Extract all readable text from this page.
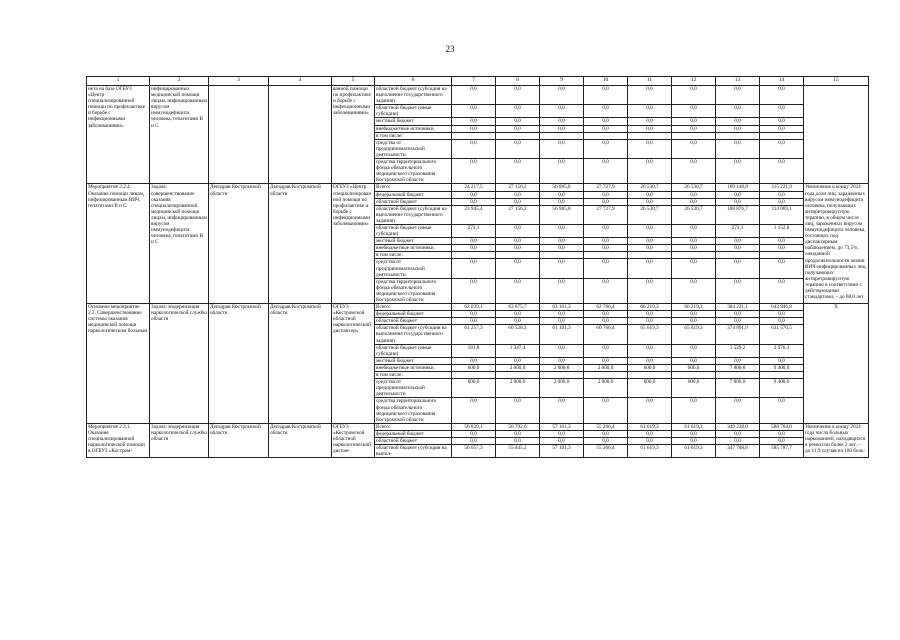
23
1	2	3	4	5	6	7	8	9	10	11	12	13	14	15
нета на базе ОГБУЗ «Центр специализированной помощи по профилактике и борьбе с инфекционными заболеваниями»	инфицированных медицинской помощи лицам, инфицированным вирусом иммунодефицита человека, гепатитами В и С			ванной помощи по профилактике и борьбе с инфекционными заболеваниями»	областной бюджет (субсидия на выполнение государственного задания)	0,0	0,0	0,0	0,0	0,0	0,0	0,0	0,0	
					областной бюджет (иные субсидии)	0,0	0,0	0,0	0,0	0,0	0,0	0,0	0,0	
					местный бюджет	0,0	0,0	0,0	0,0	0,0	0,0	0,0	0,0	
					внебюджетные источники,	0,0	0,0	0,0	0,0	0,0	0,0	0,0	0,0	
					в том числе:									
					средства от предпринимательской деятельности	0,0	0,0	0,0	0,0	0,0	0,0	0,0	0,0	
					средства территориального фонда обязательного медицинского страхования Костромской области	0,0	0,0	0,0	0,0	0,0	0,0	0,0	0,0	
Мероприятие 2.2.4. Оказание помощи лицам, инфицированным ВИЧ, гепатитами В и С	Задача: совершенствование оказания специализированной медицинской помощи лицам, инфицированным вирусом иммунодефицита человека, гепатитами В и С	Депздрав Костромской области	Депздрав Костромской области	ОГБУЗ «Центр специализированной помощи по профилактике и борьбе с инфекционными заболеваниями»	Всего:	24 217,5	27 156,2	56 985,8	27 727,9	26 530,7	26 530,7	189 148,8	315 221,9	Увеличение к концу 2024 года доли лиц, зараженных вирусом иммунодефицита человека, получающих антиретровирусную терапию, в общем числе лиц, зараженных вирусом иммунодефицита человека, состоящих под диспансерным наблюдением, до 73,5%, ожидаемой продолжительности жизни ВИЧ-инфицированных лиц, получающих антиретровирусную терапию в соответствии с действующими стандартами, – до 68,0 лет
					федеральный бюджет	0,0	0,0	0,0	0,0	0,0	0,0	0,0	0,0	
					областной бюджет	0,0	0,0	0,0	0,0	0,0	0,0	0,0	0,0	
					областной бюджет (субсидия на выполнение государственного задания)	23 945,4	27 156,2	56 985,8	27 727,9	26 530,7	26 530,7	188 876,7	314 069,1	
					областной бюджет (иные субсидии)	272,1	0,0	0,0	0,0	0,0	0,0	272,1	1 152,8	
					местный бюджет	0,0	0,0	0,0	0,0	0,0	0,0	0,0	0,0	
					внебюджетные источники,	0,0	0,0	0,0	0,0	0,0	0,0	0,0	0,0	
					в том числе:									
					средства от предпринимательской деятельности	0,0	0,0	0,0	0,0	0,0	0,0	0,0	0,0	
					средства территориального фонда обязательного медицинского страхования Костромской области	0,0	0,0	0,0	0,0	0,0	0,0	0,0	0,0	
Основное мероприятие 2.3. Совершенствование системы оказания медицинской помощи наркологическим больным	Задача: модернизация наркологической службы области	Депздрав Костромской области	Депздрав Костромской области	ОГБУЗ «Костромской областной наркологический диспансер»	Всего:	62 039,1	63 875,7	63 101,3	62 766,4	66 219,3	66 219,3	384 221,1	643 946,8	Х
					федеральный бюджет	0,0	0,0	0,0	0,0	0,0	0,0	0,0	0,0	
					областной бюджет	0,0	0,0	0,0	0,0	0,0	0,0	0,0	0,0	
					областной бюджет (субсидия на выполнение государственного задания)	61 257,3	60 528,3	61 101,3	60 766,4	65 619,3	65 619,3	374 891,9	631 570,5	
					областной бюджет (иные субсидии)	181,8	1 347,4	0,0	0,0	0,0	0,0	1 529,2	2 976,3	
					местный бюджет	0,0	0,0	0,0	0,0	0,0	0,0	0,0	0,0	
					внебюджетные источники,	600,0	2 000,0	2 000,0	2 000,0	600,0	600,0	7 800,0	9 400,0	
					в том числе:									
					средства от предпринимательской деятельности	600,0	2 000,0	2 000,0	2 000,0	600,0	600,0	7 800,0	9 400,0	
					средства территориального фонда обязательного медицинского страхования Костромской области	0,0	0,0	0,0	0,0	0,0	0,0	0,0	0,0	
Мероприятие 2.3.1. Оказание специализированной наркологической помощи в ОГБУЗ «Костром-	Задача: модернизация наркологической службы области	Депздрав Костромской области	Депздрав Костромской области	ОГБУЗ «Костромской областной наркологический диспан-	Всего:	56 839,1	56 792,6	57 101,3	55 266,4	61 619,3	61 619,3	349 238,0	588 764,0	Увеличение к концу 2024 года числа больных наркоманией, находящихся в ремиссии более 2 лет, – до 11,9 случая на 100 боль-
					федеральный бюджет	0,0	0,0	0,0	0,0	0,0	0,0	0,0	0,0	
					областной бюджет	0,0	0,0	0,0	0,0	0,0	0,0	0,0	0,0	
					областной бюджет (субсидия на выпол-	56 657,3	55 445,2	57 101,3	55 266,4	61 619,3	61 619,3	347 708,8	585 787,7	
